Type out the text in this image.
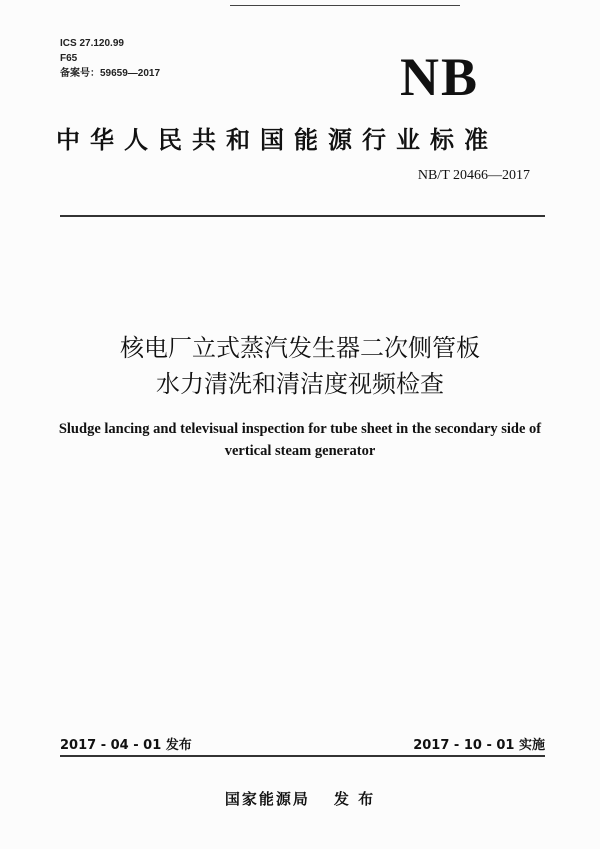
ICS 27.120.99
F65
备案号：59659—2017	NB
中华人民共和国能源行业标准
NB/T 20466—2017
核电厂立式蒸汽发生器二次侧管板
水力清洗和清洁度视频检查
Sludge lancing and televisual inspection for tube sheet in the secondary side of
vertical steam generator
2017 - 04 - 01 发布	2017 - 10 - 01 实施
国家能源局 发 布
